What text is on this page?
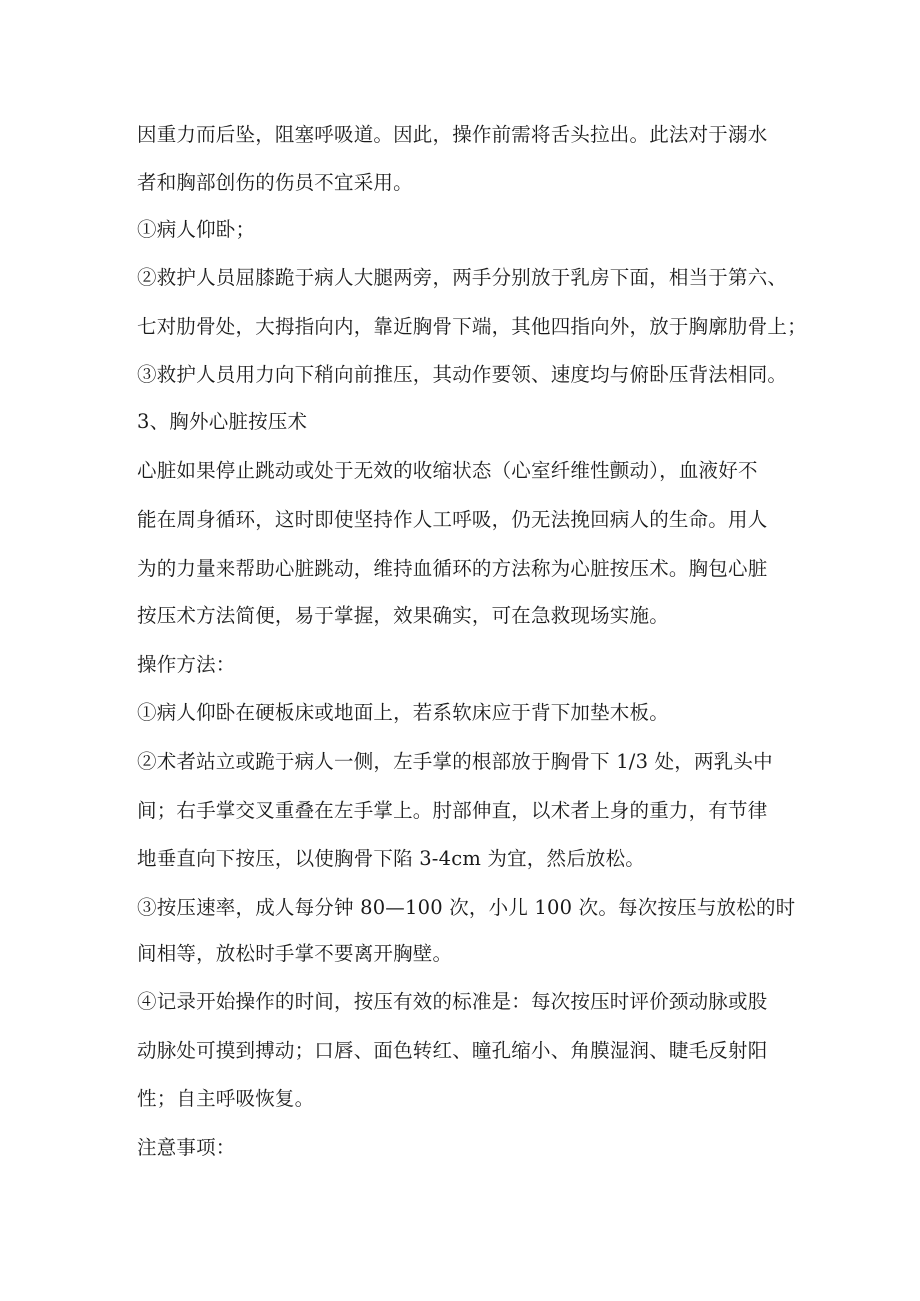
因重力而后坠，阻塞呼吸道。因此，操作前需将舌头拉出。此法对于溺水
者和胸部创伤的伤员不宜采用。
①病人仰卧；
②救护人员屈膝跪于病人大腿两旁，两手分别放于乳房下面，相当于第六、
七对肋骨处，大拇指向内，靠近胸骨下端，其他四指向外，放于胸廓肋骨上；
③救护人员用力向下稍向前推压，其动作要领、速度均与俯卧压背法相同。
3、胸外心脏按压术
心脏如果停止跳动或处于无效的收缩状态（心室纤维性颤动），血液好不
能在周身循环，这时即使坚持作人工呼吸，仍无法挽回病人的生命。用人
为的力量来帮助心脏跳动，维持血循环的方法称为心脏按压术。胸包心脏
按压术方法简便，易于掌握，效果确实，可在急救现场实施。
操作方法：
①病人仰卧在硬板床或地面上，若系软床应于背下加垫木板。
②术者站立或跪于病人一侧，左手掌的根部放于胸骨下 1/3 处，两乳头中
间；右手掌交叉重叠在左手掌上。肘部伸直，以术者上身的重力，有节律
地垂直向下按压，以使胸骨下陷 3-4cm 为宜，然后放松。
③按压速率，成人每分钟 80—100 次，小儿 100 次。每次按压与放松的时
间相等，放松时手掌不要离开胸壁。
④记录开始操作的时间，按压有效的标准是：每次按压时评价颈动脉或股
动脉处可摸到搏动；口唇、面色转红、瞳孔缩小、角膜湿润、睫毛反射阳
性；自主呼吸恢复。
注意事项：
